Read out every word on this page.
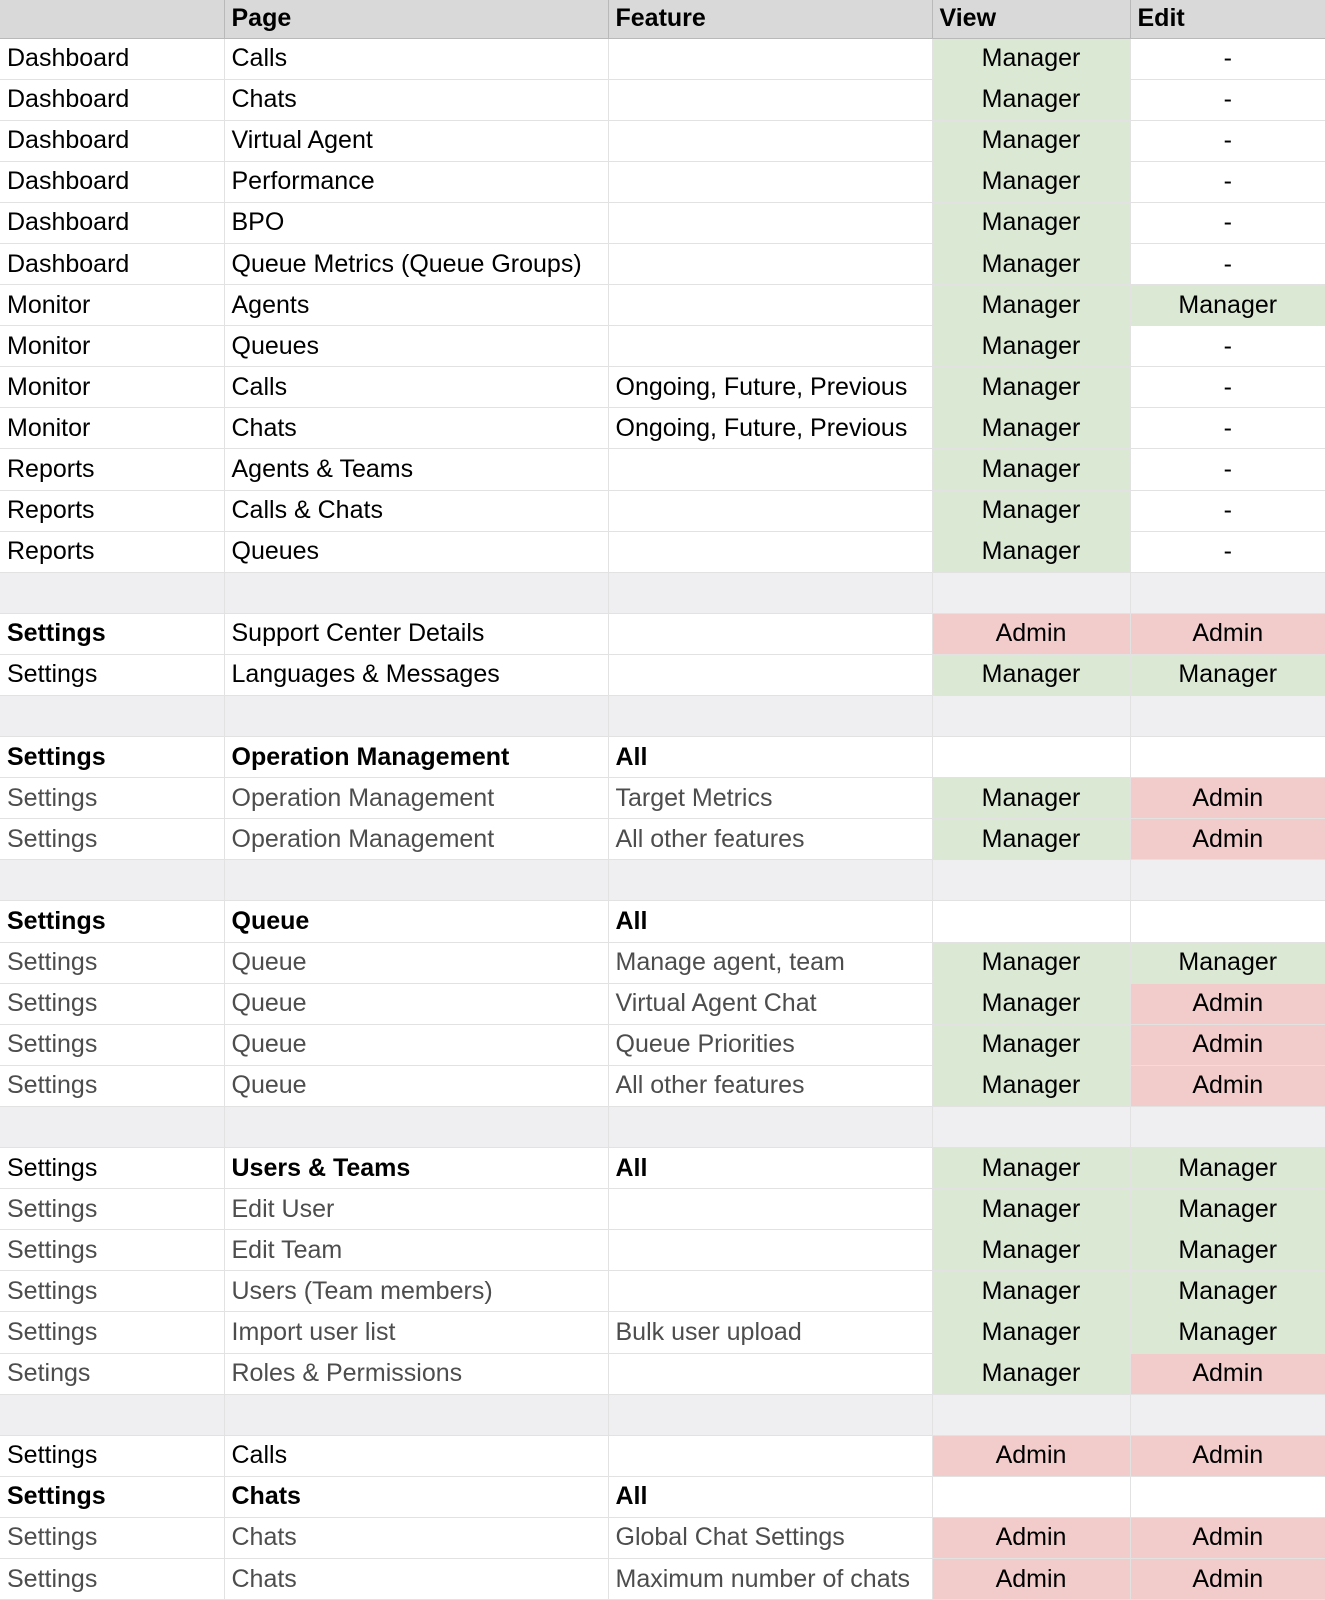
	Page	Feature	View	Edit
Dashboard	Calls		Manager	-
Dashboard	Chats		Manager	-
Dashboard	Virtual Agent		Manager	-
Dashboard	Performance		Manager	-
Dashboard	BPO		Manager	-
Dashboard	Queue Metrics (Queue Groups)		Manager	-
Monitor	Agents		Manager	Manager
Monitor	Queues		Manager	-
Monitor	Calls	Ongoing, Future, Previous	Manager	-
Monitor	Chats	Ongoing, Future, Previous	Manager	-
Reports	Agents & Teams		Manager	-
Reports	Calls & Chats		Manager	-
Reports	Queues		Manager	-

Settings	Support Center Details		Admin	Admin
Settings	Languages & Messages		Manager	Manager

Settings	Operation Management	All		
Settings	Operation Management	Target Metrics	Manager	Admin
Settings	Operation Management	All other features	Manager	Admin

Settings	Queue	All		
Settings	Queue	Manage agent, team	Manager	Manager
Settings	Queue	Virtual Agent Chat	Manager	Admin
Settings	Queue	Queue Priorities	Manager	Admin
Settings	Queue	All other features	Manager	Admin

Settings	Users & Teams	All	Manager	Manager
Settings	Edit User		Manager	Manager
Settings	Edit Team		Manager	Manager
Settings	Users (Team members)		Manager	Manager
Settings	Import user list	Bulk user upload	Manager	Manager
Setings	Roles & Permissions		Manager	Admin

Settings	Calls		Admin	Admin
Settings	Chats	All		
Settings	Chats	Global Chat Settings	Admin	Admin
Settings	Chats	Maximum number of chats	Admin	Admin
